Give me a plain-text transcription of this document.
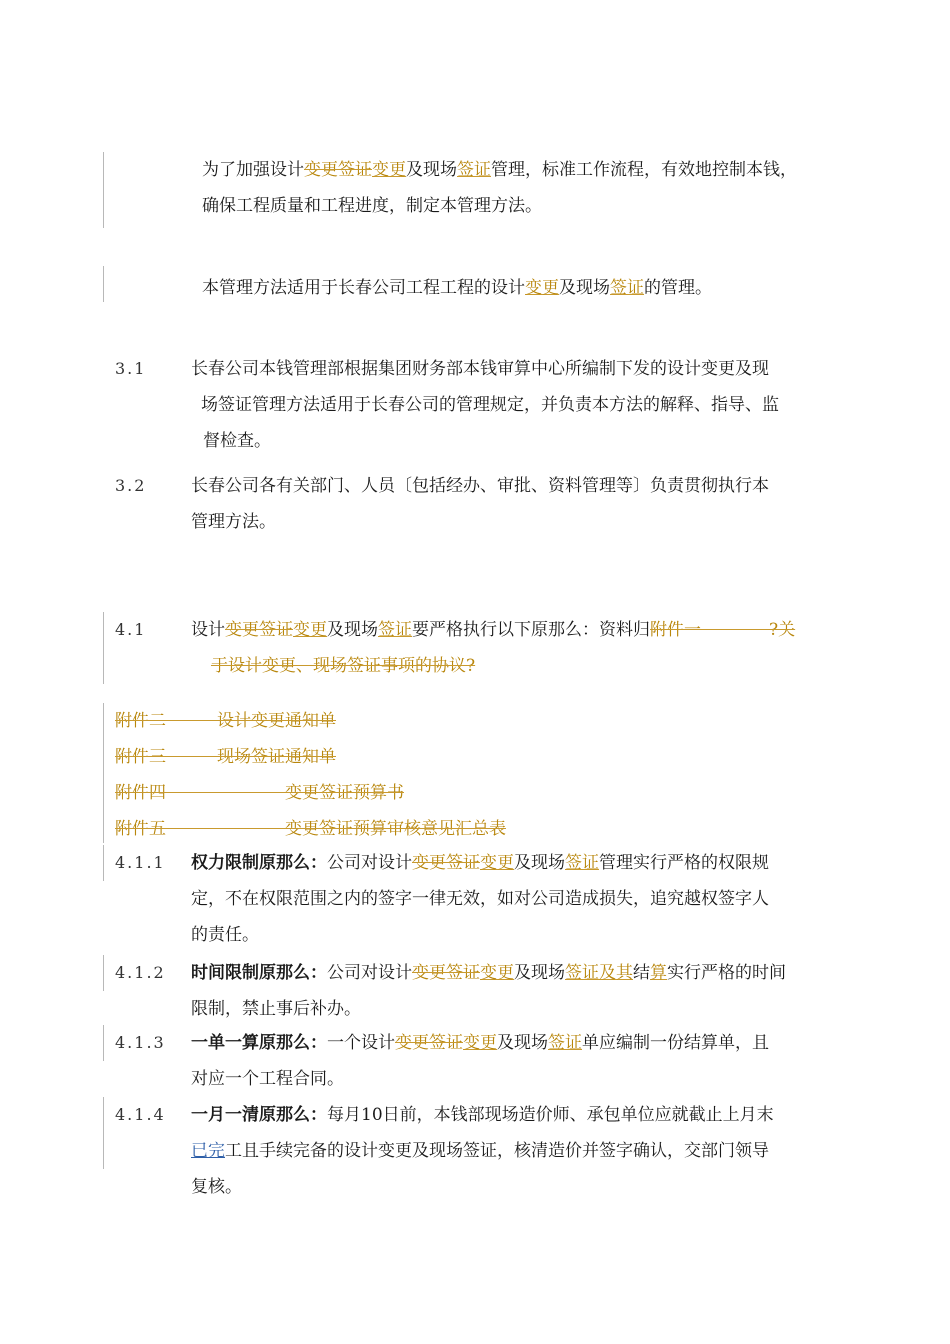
为了加强设计变更签证变更及现场签证管理，标准工作流程，有效地控制本钱，
确保工程质量和工程进度，制定本管理方法。
本管理方法适用于长春公司工程工程的设计变更及现场签证的管理。
3.1	长春公司本钱管理部根据集团财务部本钱审算中心所编制下发的设计变更及现
场签证管理方法适用于长春公司的管理规定，并负责本方法的解释、指导、监
督检查。
3.2	长春公司各有关部门、人员〔包括经办、审批、资料管理等〕负责贯彻执行本
管理方法。
4.1	设计变更签证变更及现场签证要严格执行以下原那么：资料归附件一　　　　?关
于设计变更、现场签证事项的协议?
附件二　　　设计变更通知单
附件三　　　现场签证通知单
附件四　　　　　　　变更签证预算书
附件五　　　　　　　变更签证预算审核意见汇总表
4.1.1 权力限制原那么：公司对设计变更签证变更及现场签证管理实行严格的权限规
定，不在权限范围之内的签字一律无效，如对公司造成损失，追究越权签字人
的责任。
4.1.2 时间限制原那么：公司对设计变更签证变更及现场签证及其结算实行严格的时间
限制，禁止事后补办。
4.1.3 一单一算原那么：一个设计变更签证变更及现场签证单应编制一份结算单，且
对应一个工程合同。
4.1.4 一月一清原那么：每月10日前，本钱部现场造价师、承包单位应就截止上月末
已完工且手续完备的设计变更及现场签证，核清造价并签字确认，交部门领导
复核。
